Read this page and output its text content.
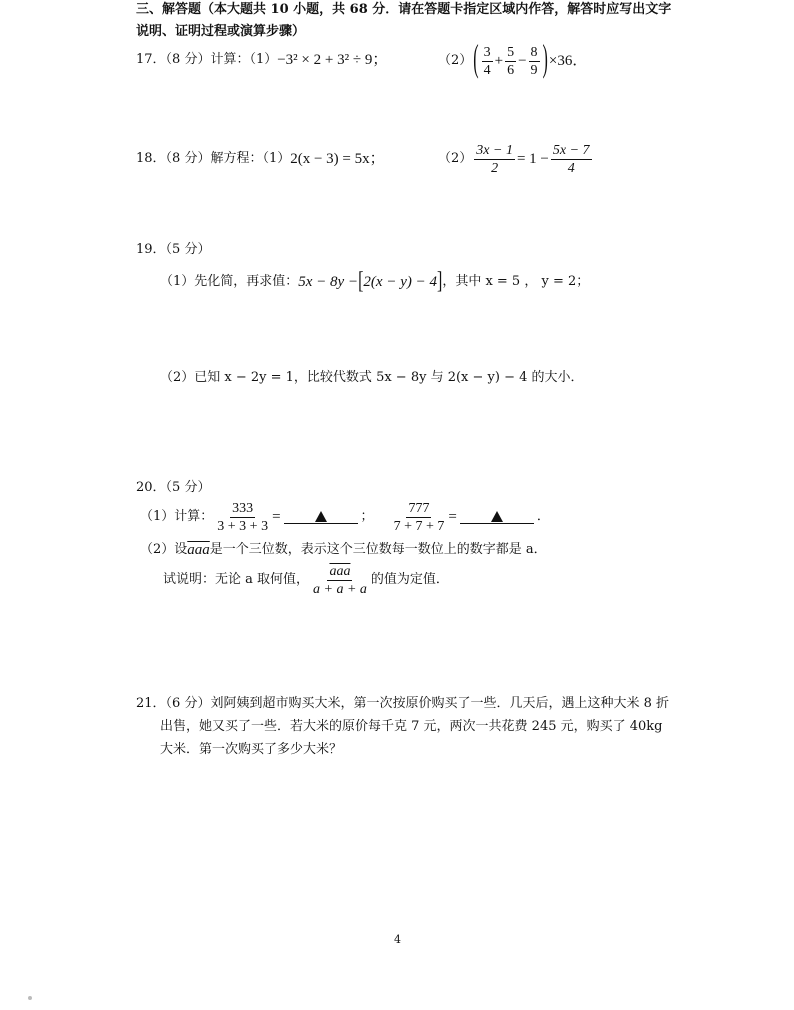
三、解答题（本大题共 10 小题，共 68 分．请在答题卡指定区域内作答，解答时应写出文字
说明、证明过程或演算步骤）
17．（8 分）计算：（1） −3² × 2 + 3² ÷ 9；	（2） ( $\frac{3}{4} + \frac{5}{6} - \frac{8}{9}$ ) ×36．
18．（8 分）解方程：（1） 2(x − 3) = 5x；	$(2) \frac{3x - 1}{2} = 1 - \frac{5x - 7}{4}$
19．（5 分）
（1）先化简，再求值： 5x − 8y − [ 2(x − y) − 4 ] ，其中 x = 5 ， y = 2；
（2）已知 x − 2y = 1，比较代数式 5x − 8y 与 2(x − y) − 4 的大小．
20．（5 分）
（1）计算： $\frac{333}{3 + 3 + 3}$ =	； $\frac{777}{7 + 7 + 7}$ =	．
（2）设 $\overline{aaa}$ 是一个三位数，表示这个三位数每一数位上的数字都是 a．
试说明：无论 a 取何值， $\frac{\overline{aaa}}{a + a + a}$ 的值为定值．
21．（6 分）刘阿姨到超市购买大米，第一次按原价购买了一些．几天后，遇上这种大米 8 折
出售，她又买了一些．若大米的原价每千克 7 元，两次一共花费 245 元，购买了 40kg
大米．第一次购买了多少大米？
4
